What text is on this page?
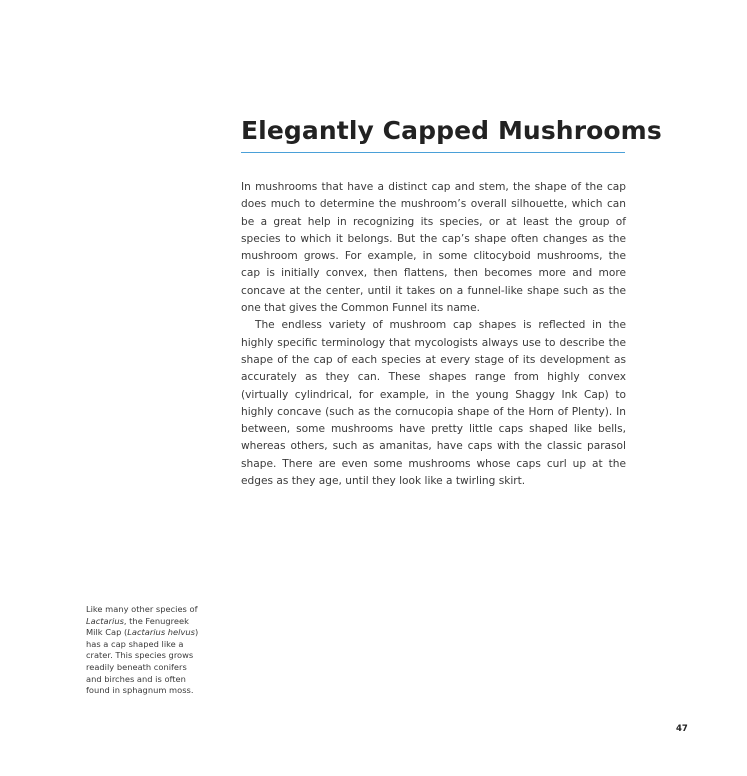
Elegantly Capped Mushrooms

In mushrooms that have a distinct cap and stem, the shape of the cap does much to determine the mushroom’s overall silhouette, which can be a great help in recognizing its species, or at least the group of species to which it belongs. But the cap’s shape often changes as the mushroom grows. For example, in some clitocyboid mushrooms, the cap is initially convex, then flattens, then becomes more and more concave at the center, until it takes on a funnel-like shape such as the one that gives the Common Funnel its name.

The endless variety of mushroom cap shapes is reflected in the highly specific terminology that mycologists always use to describe the shape of the cap of each species at every stage of its development as accurately as they can. These shapes range from highly convex (virtually cylindrical, for example, in the young Shaggy Ink Cap) to highly concave (such as the cornucopia shape of the Horn of Plenty). In between, some mushrooms have pretty little caps shaped like bells, whereas others, such as amanitas, have caps with the classic parasol shape. There are even some mushrooms whose caps curl up at the edges as they age, until they look like a twirling skirt.

Like many other species of Lactarius, the Fenugreek Milk Cap (Lactarius helvus) has a cap shaped like a crater. This species grows readily beneath conifers and birches and is often found in sphagnum moss.
47
